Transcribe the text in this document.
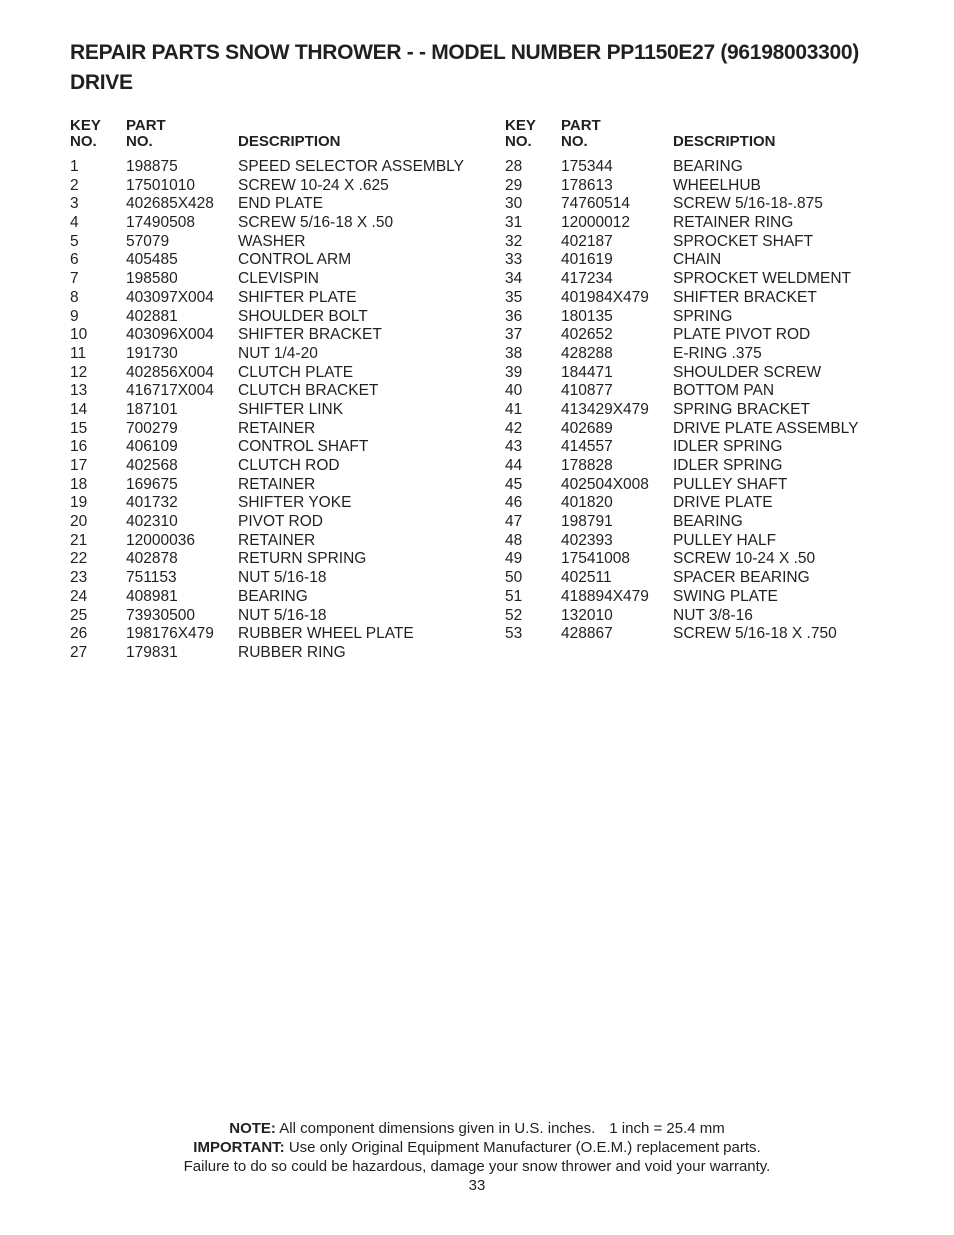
REPAIR PARTS SNOW THROWER - - MODEL NUMBER PP1150E27 (96198003300)
DRIVE
KEY
NO.
PART
NO.	DESCRIPTION
1	198875	SPEED SELECTOR ASSEMBLY
2	17501010	SCREW 10-24 X .625
3	402685X428 END PLATE
4	17490508	SCREW 5/16-18 X .50
5	57079	WASHER
6	405485	CONTROL ARM
7	198580	CLEVISPIN
8	403097X004 SHIFTER PLATE
9	402881	SHOULDER BOLT
10	403096X004 SHIFTER BRACKET
11	191730	NUT 1/4-20
12	402856X004 CLUTCH PLATE
13	416717X004 CLUTCH BRACKET
14	187101	SHIFTER LINK
15	700279	RETAINER
16	406109	CONTROL SHAFT
17	402568	CLUTCH ROD
18	169675	RETAINER
19	401732	SHIFTER YOKE
20	402310	PIVOT ROD
21	12000036	RETAINER
22	402878	RETURN SPRING
23	751153	NUT 5/16-18
24	408981	BEARING
25	73930500	NUT 5/16-18
26	198176X479 RUBBER WHEEL PLATE
27	179831	RUBBER RING
KEY
NO.
PART
NO.	DESCRIPTION
28	175344	BEARING
29	178613	WHEELHUB
30	74760514	SCREW 5/16-18-.875
31	12000012	RETAINER RING
32	402187	SPROCKET SHAFT
33	401619	CHAIN
34	417234	SPROCKET WELDMENT
35	401984X479 SHIFTER BRACKET
36	180135	SPRING
37	402652	PLATE PIVOT ROD
38	428288	E-RING .375
39	184471	SHOULDER SCREW
40	410877	BOTTOM PAN
41	413429X479 SPRING BRACKET
42	402689	DRIVE PLATE ASSEMBLY
43	414557	IDLER SPRING
44	178828	IDLER SPRING
45	402504X008 PULLEY SHAFT
46	401820	DRIVE PLATE
47	198791	BEARING
48	402393	PULLEY HALF
49	17541008	SCREW 10-24 X .50
50	402511	SPACER BEARING
51	418894X479 SWING PLATE
52	132010	NUT 3/8-16
53	428867	SCREW 5/16-18 X .750
NOTE: All component dimensions given in U.S. inches. 1 inch = 25.4 mm
IMPORTANT: Use only Original Equipment Manufacturer (O.E.M.) replacement parts.
Failure to do so could be hazardous, damage your snow thrower and void your warranty.
33
